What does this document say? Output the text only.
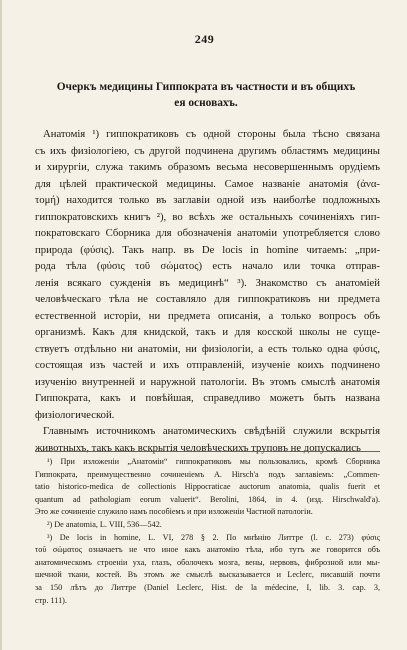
249
Очеркъ медицины Гиппократа въ частности и въ общихъ
ея основахъ.
Анатомія ¹) гиппократиковъ съ одной стороны была тѣсно связана
съ ихъ физіологіею, съ другой подчинена другимъ областямъ медицины
и хирургіи, служа такимъ образомъ весьма несовершеннымъ орудіемъ
для цѣлей практической медицины. Самое названіе анатомія (ἀνα-
τομή) находится только въ заглавіи одной изъ наиболѣе подложныхъ
гиппократовскихъ книгъ ²), во всѣхъ же остальныхъ сочиненіяхъ гип-
пократовскаго Сборника для обозначенія анатоміи употребляется слово
природа (φύσις). Такъ напр. въ De locis in homine читаемъ: „при-
рода тѣла (φύσις τοῦ σώματος) есть начало или точка отправ-
ленія всякаго сужденія въ медицинѣ“ ³). Знакомство съ анатоміей
человѣческаго тѣла не составляло для гиппократиковъ ни предмета
естественной исторіи, ни предмета описанія, а только вопросъ объ
организмѣ. Какъ для книдской, такъ и для косской школы не суще-
ствуетъ отдѣльно ни анатоміи, ни физіологіи, а есть только одна φύσις,
состоящая изъ частей и ихъ отправленій, изученіе коихъ подчинено
изученію внутренней и наружной патологіи. Въ этомъ смыслѣ анатомія
Гиппократа, какъ и повѣйшая, справедливо можетъ быть названа
физіологической.
Главнымъ источникомъ анатомическихъ свѣдѣній служили вскрытія
животныхъ, такъ какъ вскрытія человѣческихъ труповъ не допускались
¹) При изложеніи „Анатоміи“ гиппократиковъ мы пользовались, кромѣ Сборника
Гиппократа, преимущественно сочиненіемъ A. Hirsch'a подъ заглавіемъ: „Commen-
tatio historico-medica de collectionis Hippocraticae auctorum anatomia, qualis fuerit et
quantum ad pathologiam eorum valuerit“. Berolini, 1864, in 4. (изд. Hirschwald'a).
Это же сочиненіе служило намъ пособіемъ и при изложеніи Частной патологіи.
²) De anatomia, L. VIII, 536—542.
³) De locis in homine, L. VI, 278 § 2. По мнѣнію Литтре (l. c. 273) φύσις
τοῦ σώματος означаетъ не что иное какъ анатомію тѣла, ибо тутъ же говорится объ
анатомическомъ строеніи уха, глазъ, оболочекъ мозга, вены, нервовъ, фиброзной или мы-
шечной ткани, костей. Въ этомъ же смыслѣ высказывается и Leclerc, писавшій почти
за 150 лѣтъ до Литтре (Daniel Leclerc, Hist. de la médecine, I, lib. 3. cap. 3,
стр. 111).
